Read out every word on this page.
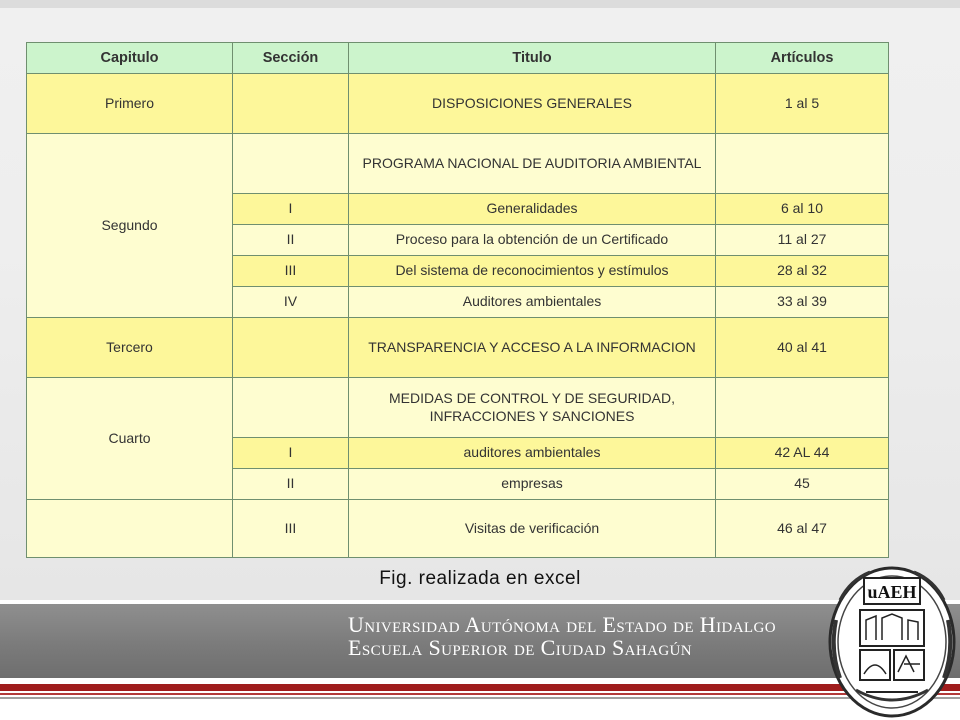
Capitulo	Sección	Titulo	Artículos
Primero		DISPOSICIONES GENERALES	1 al 5
Segundo		PROGRAMA NACIONAL DE AUDITORIA AMBIENTAL	
	I	Generalidades	6 al 10
	II	Proceso para la obtención de un Certificado	11 al 27
	III	Del sistema de reconocimientos y estímulos	28 al 32
	IV	Auditores ambientales	33 al 39
Tercero		TRANSPARENCIA Y ACCESO A LA INFORMACION	40 al 41
Cuarto		MEDIDAS DE CONTROL Y DE SEGURIDAD,
INFRACCIONES Y SANCIONES	
	I	auditores ambientales	42 AL 44
	II	empresas	45
	III	Visitas de verificación	46 al 47
Fig. realizada en excel
Universidad Autónoma del Estado de Hidalgo
Escuela Superior de Ciudad Sahagún
uAEH
